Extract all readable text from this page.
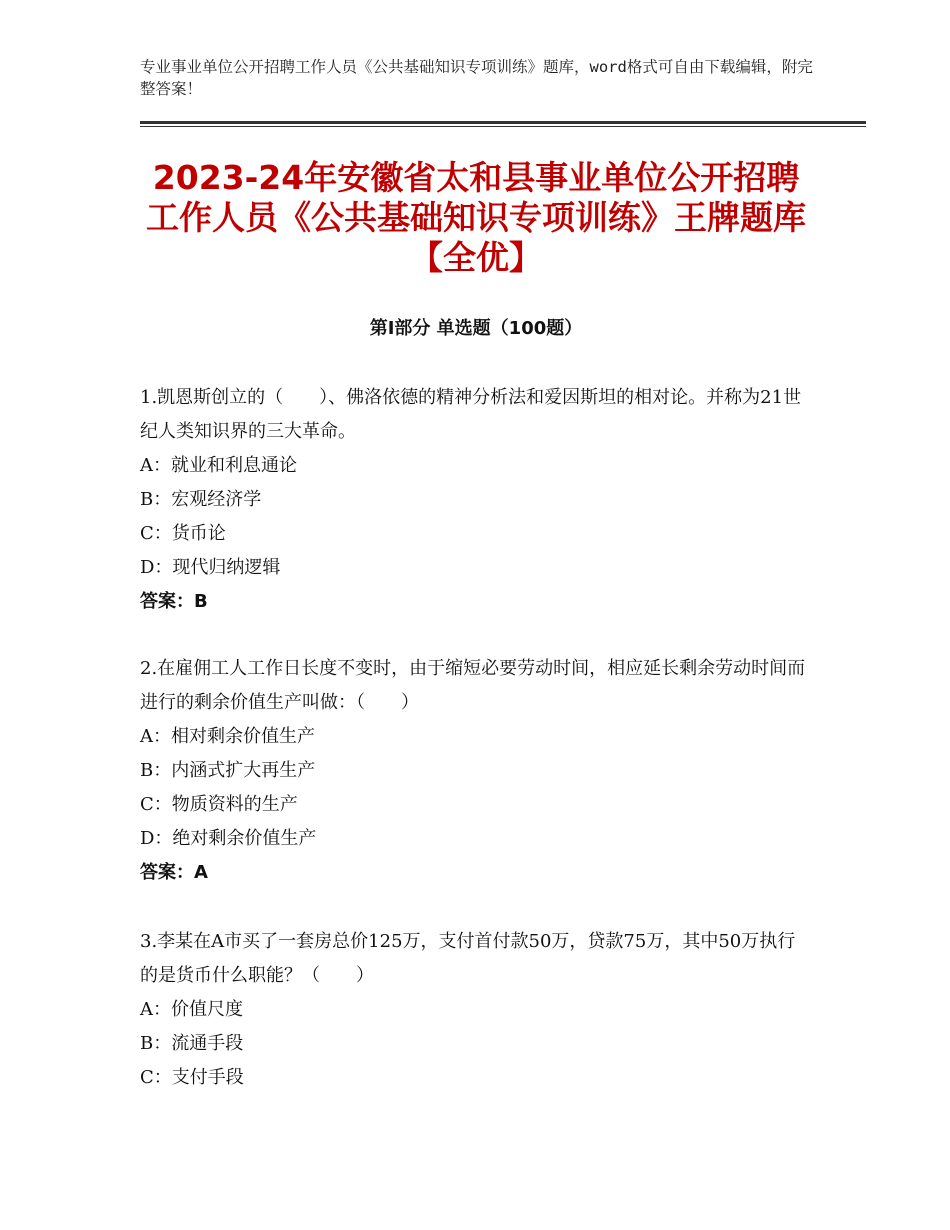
专业事业单位公开招聘工作人员《公共基础知识专项训练》题库，word格式可自由下载编辑，附完整答案！
2023-24年安徽省太和县事业单位公开招聘工作人员《公共基础知识专项训练》王牌题库【全优】
第Ⅰ部分 单选题（100题）
1.凯恩斯创立的（　　）、佛洛依德的精神分析法和爱因斯坦的相对论。并称为21世纪人类知识界的三大革命。
A：就业和利息通论
B：宏观经济学
C：货币论
D：现代归纳逻辑
答案：B
2.在雇佣工人工作日长度不变时，由于缩短必要劳动时间，相应延长剩余劳动时间而进行的剩余价值生产叫做：（　　）
A：相对剩余价值生产
B：内涵式扩大再生产
C：物质资料的生产
D：绝对剩余价值生产
答案：A
3.李某在A市买了一套房总价125万，支付首付款50万，贷款75万，其中50万执行的是货币什么职能？（　　）
A：价值尺度
B：流通手段
C：支付手段
